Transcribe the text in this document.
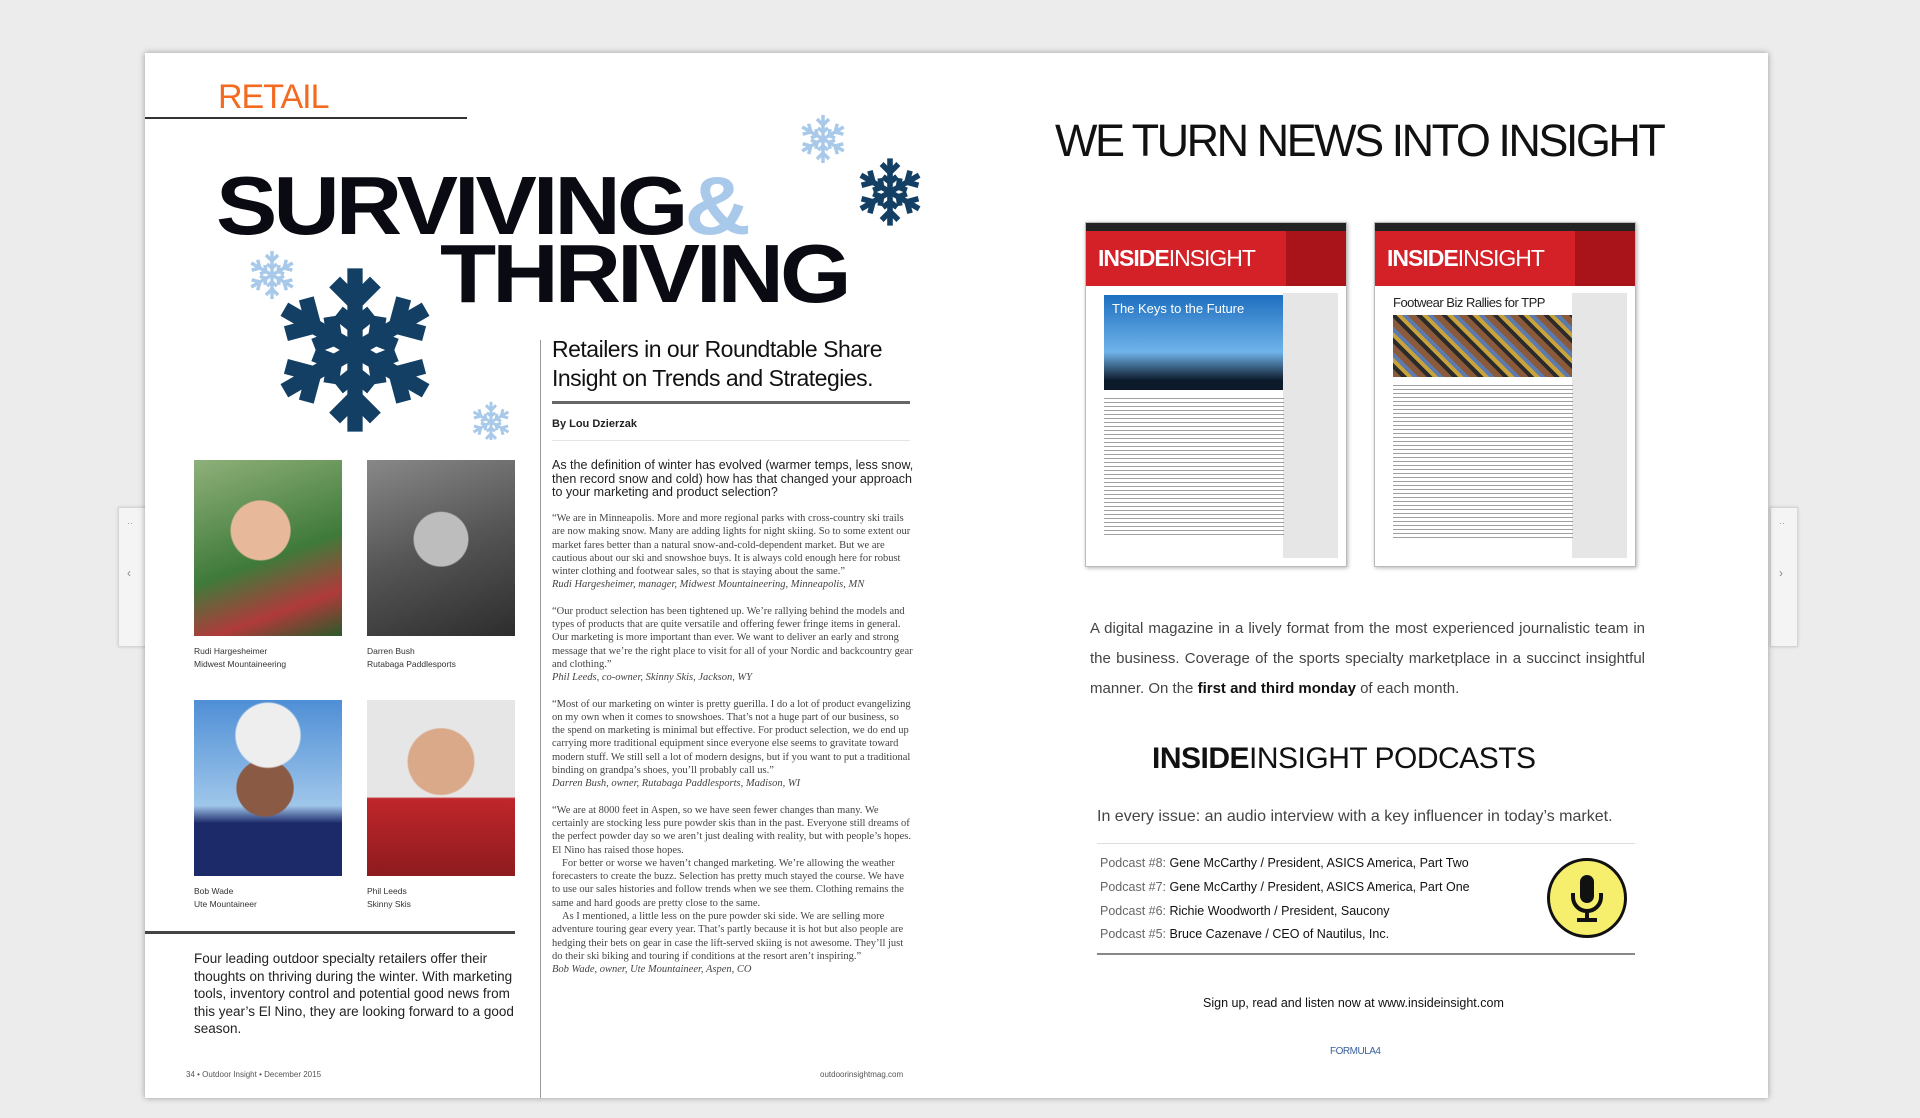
··
‹
··
›
RETAIL
SURVIVING&
THRIVING
Retailers in our Roundtable Share Insight on Trends and Strategies.
By Lou Dzierzak
As the definition of winter has evolved (warmer temps, less snow, then record snow and cold) how has that changed your approach to your marketing and product selection?

“We are in Minneapolis. More and more regional parks with cross-country ski trails are now making snow. Many are adding lights for night skiing. So to some extent our market fares better than a natural snow-and-cold-dependent market. But we are cautious about our ski and snowshoe buys. It is always cold enough here for robust winter clothing and footwear sales, so that is staying about the same.”
Rudi Hargesheimer, manager, Midwest Mountaineering, Minneapolis, MN

“Our product selection has been tightened up. We’re rallying behind the models and types of products that are quite versatile and offering fewer fringe items in general. Our marketing is more important than ever. We want to deliver an early and strong message that we’re the right place to visit for all of your Nordic and backcountry gear and clothing.”
Phil Leeds, co-owner, Skinny Skis, Jackson, WY

“Most of our marketing on winter is pretty guerilla. I do a lot of product evangelizing on my own when it comes to snowshoes. That’s not a huge part of our business, so the spend on marketing is minimal but effective. For product selection, we do end up carrying more traditional equipment since everyone else seems to gravitate toward modern stuff. We still sell a lot of modern designs, but if you want to put a traditional binding on grandpa’s shoes, you’ll probably call us.”
Darren Bush, owner, Rutabaga Paddlesports, Madison, WI

“We are at 8000 feet in Aspen, so we have seen fewer changes than many. We certainly are stocking less pure powder skis than in the past. Everyone still dreams of the perfect powder day so we aren’t just dealing with reality, but with people’s hopes. El Nino has raised those hopes.

For better or worse we haven’t changed marketing. We’re allowing the weather forecasters to create the buzz. Selection has pretty much stayed the course. We have to use our sales histories and follow trends when we see them. Clothing remains the same and hard goods are pretty close to the same.

As I mentioned, a little less on the pure powder ski side. We are selling more adventure touring gear every year. That’s partly because it is hot but also people are hedging their bets on gear in case the lift-served skiing is not awesome. They’ll just do their ski biking and touring if conditions at the resort aren’t inspiring.”

Bob Wade, owner, Ute Mountaineer, Aspen, CO
Rudi Hargesheimer
Midwest Mountaineering
Darren Bush
Rutabaga Paddlesports
Bob Wade
Ute Mountaineer
Phil Leeds
Skinny Skis
Four leading outdoor specialty retailers offer their thoughts on thriving during the winter. With marketing tools, inventory control and potential good news from this year’s El Nino, they are looking forward to a good season.
34 • Outdoor Insight • December 2015	outdoorinsightmag.com
WE TURN NEWS INTO INSIGHT
INSIDEINSIGHT
The Keys to the Future
INSIDEINSIGHT
Footwear Biz Rallies for TPP
A digital magazine in a lively format from the most experienced journalistic team in the business. Coverage of the sports specialty marketplace in a succinct insightful manner. On the first and third monday of each month.
INSIDEINSIGHT PODCASTS
In every issue: an audio interview with a key influencer in today’s market.
Podcast #8: Gene McCarthy / President, ASICS America, Part Two
Podcast #7: Gene McCarthy / President, ASICS America, Part One
Podcast #6: Richie Woodworth / President, Saucony
Podcast #5: Bruce Cazenave / CEO of Nautilus, Inc.
Sign up, read and listen now at www.insideinsight.com
FORMULA4
